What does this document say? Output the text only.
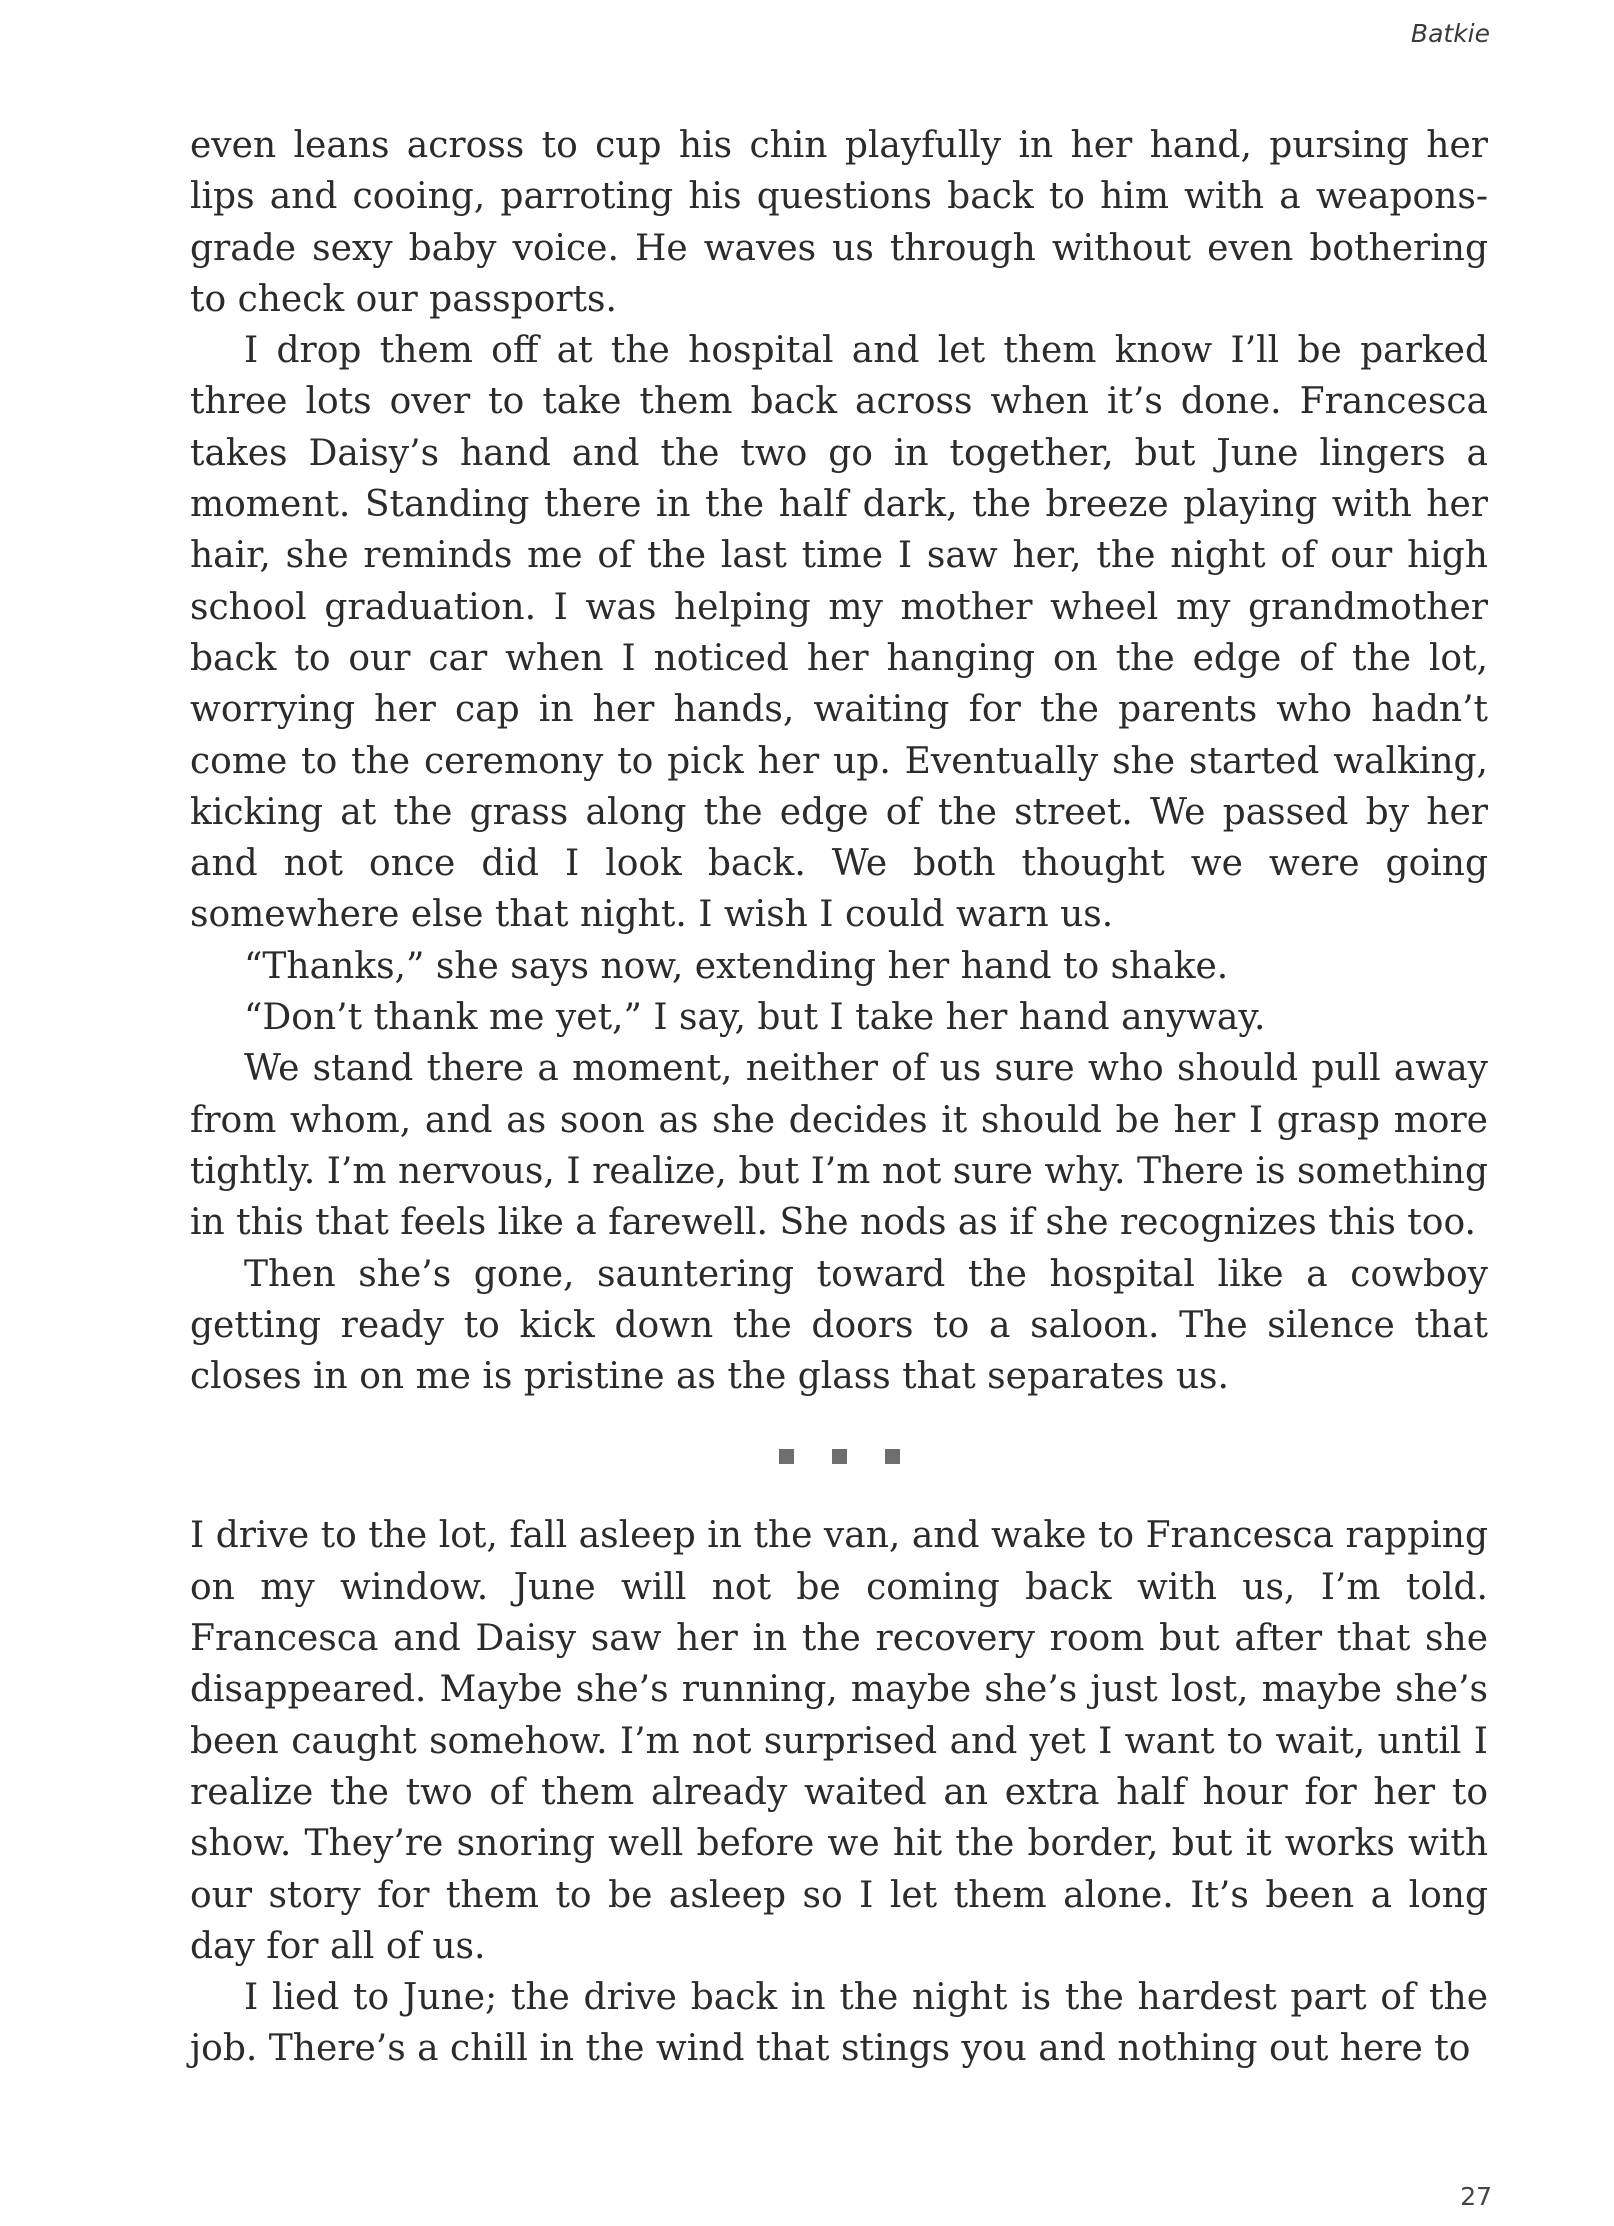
Batkie

even leans across to cup his chin playfully in her hand, pursing her lips and cooing, parroting his questions back to him with a weapons-grade sexy baby voice. He waves us through without even bothering to check our passports.

I drop them off at the hospital and let them know I’ll be parked three lots over to take them back across when it’s done. Francesca takes Daisy’s hand and the two go in together, but June lingers a moment. Standing there in the half dark, the breeze playing with her hair, she reminds me of the last time I saw her, the night of our high school graduation. I was helping my mother wheel my grandmother back to our car when I noticed her hanging on the edge of the lot, worrying her cap in her hands, waiting for the parents who hadn’t come to the ceremony to pick her up. Eventually she started walking, kicking at the grass along the edge of the street. We passed by her and not once did I look back. We both thought we were going somewhere else that night. I wish I could warn us.

“Thanks,” she says now, extending her hand to shake.

“Don’t thank me yet,” I say, but I take her hand anyway.

We stand there a moment, neither of us sure who should pull away from whom, and as soon as she decides it should be her I grasp more tightly. I’m nervous, I realize, but I’m not sure why. There is something in this that feels like a farewell. She nods as if she recognizes this too.

Then she’s gone, sauntering toward the hospital like a cowboy getting ready to kick down the doors to a saloon. The silence that closes in on me is pristine as the glass that separates us.

I drive to the lot, fall asleep in the van, and wake to Francesca rapping on my window. June will not be coming back with us, I’m told. Francesca and Daisy saw her in the recovery room but after that she disappeared. Maybe she’s running, maybe she’s just lost, maybe she’s been caught somehow. I’m not surprised and yet I want to wait, until I realize the two of them already waited an extra half hour for her to show. They’re snoring well before we hit the border, but it works with our story for them to be asleep so I let them alone. It’s been a long day for all of us.

I lied to June; the drive back in the night is the hardest part of the job. There’s a chill in the wind that stings you and nothing out here to

27
